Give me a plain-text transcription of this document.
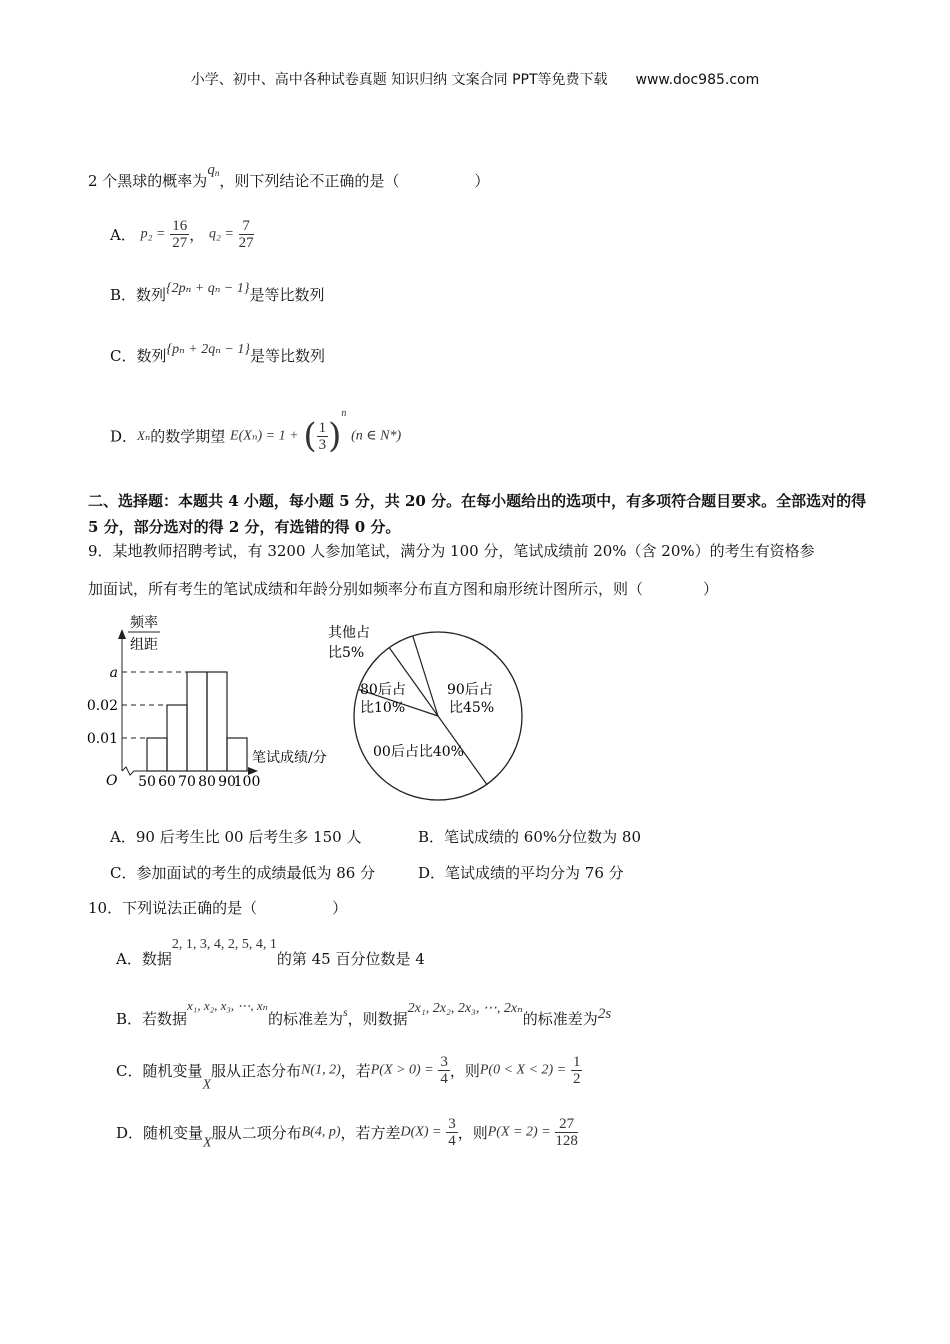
小学、初中、高中各种试卷真题 知识归纳 文案合同 PPT等免费下载 www.doc985.com
2 个黑球的概率为$q^n$，则下列结论不正确的是（　　　　　）
A． $p_2 = \frac{16}{27}$ ， $q_2 = \frac{7}{27}$
B．数列{2pₙ + qₙ − 1}是等比数列
C．数列{pₙ + 2qₙ − 1}是等比数列
D．Xₙ的数学期望 E(Xₙ) = 1 + ( $\frac{1}{3} )^n$ (n ∈ N*)
二、选择题：本题共 4 小题，每小题 5 分，共 20 分。在每小题给出的选项中，有多项符合题目要求。全部选对的得 5 分，部分选对的得 2 分，有选错的得 0 分。
9．某地教师招聘考试，有 3200 人参加笔试，满分为 100 分，笔试成绩前 20%（含 20%）的考生有资格参
加面试，所有考生的笔试成绩和年龄分别如频率分布直方图和扇形统计图所示，则（　　　　）
频率
组距
O
0.01
0.02
a
50 60 70 80 90
100
笔试成绩/分
其他占
比5%
90后占
比45%
80后占
比10%
00后占比40%
A．90 后考生比 00 后考生多 150 人	B．笔试成绩的 60%分位数为 80
C．参加面试的考生的成绩最低为 86 分	D．笔试成绩的平均分为 76 分
10．下列说法正确的是（　　　　　）
A．数据2, 1, 3, 4, 2, 5, 4, 1的第 45 百分位数是 4
B．若数据x₁, x₂, x₃, ⋯, xₙ的标准差为$^s$，则数据2x₁, 2x₂, 2x₃, ⋯, 2xₙ的标准差为2s
C．随机变量X服从正态分布N(1, 2)，若$P(X > 0) = \frac{3}{4}$ ，则$P(0 < X < 2) = \frac{1}{2}$
D．随机变量X服从二项分布B(4, p)，若方差$D(X) = \frac{3}{4}$ ，则$P(X = 2) = \frac{27}{128}$
